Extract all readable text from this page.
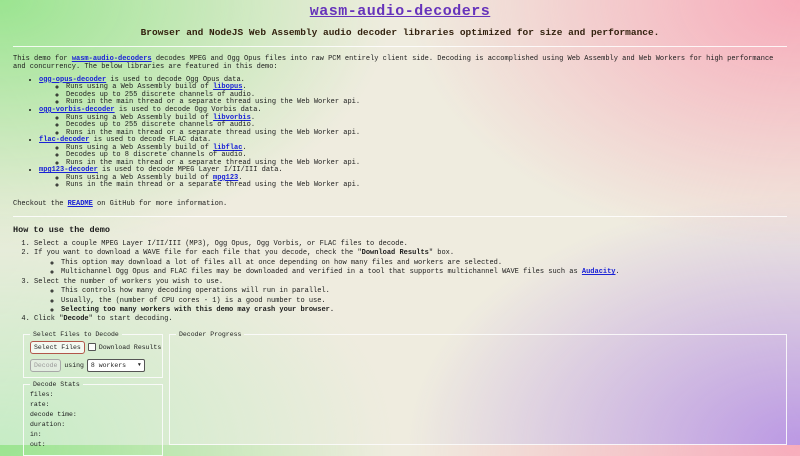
wasm-audio-decoders

Browser and NodeJS Web Assembly audio decoder libraries optimized for size and performance.

This demo for wasm-audio-decoders decodes MPEG and Ogg Opus files into raw PCM entirely client side. Decoding is accomplished using Web Assembly and Web Workers for high performance and concurrency. The below libraries are featured in this demo:

• ogg-opus-decoder is used to decode Ogg Opus data.
◦ Runs using a Web Assembly build of libopus.
◦ Decodes up to 255 discrete channels of audio.
◦ Runs in the main thread or a separate thread using the Web Worker api.
• ogg-vorbis-decoder is used to decode Ogg Vorbis data.
◦ Runs using a Web Assembly build of libvorbis.
◦ Decodes up to 255 discrete channels of audio.
◦ Runs in the main thread or a separate thread using the Web Worker api.
• flac-decoder is used to decode FLAC data.
◦ Runs using a Web Assembly build of libflac.
◦ Decodes up to 8 discrete channels of audio.
◦ Runs in the main thread or a separate thread using the Web Worker api.
• mpg123-decoder is used to decode MPEG Layer I/II/III data.
◦ Runs using a Web Assembly build of mpg123.
◦ Runs in the main thread or a separate thread using the Web Worker api.

Checkout the README on GitHub for more information.

How to use the demo
1. Select a couple MPEG Layer I/II/III (MP3), Ogg Opus, Ogg Vorbis, or FLAC files to decode.
2. If you want to download a WAVE file for each file that you decode, check the "Download Results" box.
◦ This option may download a lot of files all at once depending on how many files and workers are selected.
◦ Multichannel Ogg Opus and FLAC files may be downloaded and verified in a tool that supports multichannel WAVE files such as Audacity.
3. Select the number of workers you wish to use.
◦ This controls how many decoding operations will run in parallel.
◦ Usually, the (number of CPU cores - 1) is a good number to use.
◦ Selecting too many workers with this demo may crash your browser.
4. Click "Decode" to start decoding.
Select Files to Decode
Select Files	Download Results
Decode	using 8 workers ▼
Decode Stats
files:
rate:
decode time:
duration:
in:
out:
Decoder Progress
